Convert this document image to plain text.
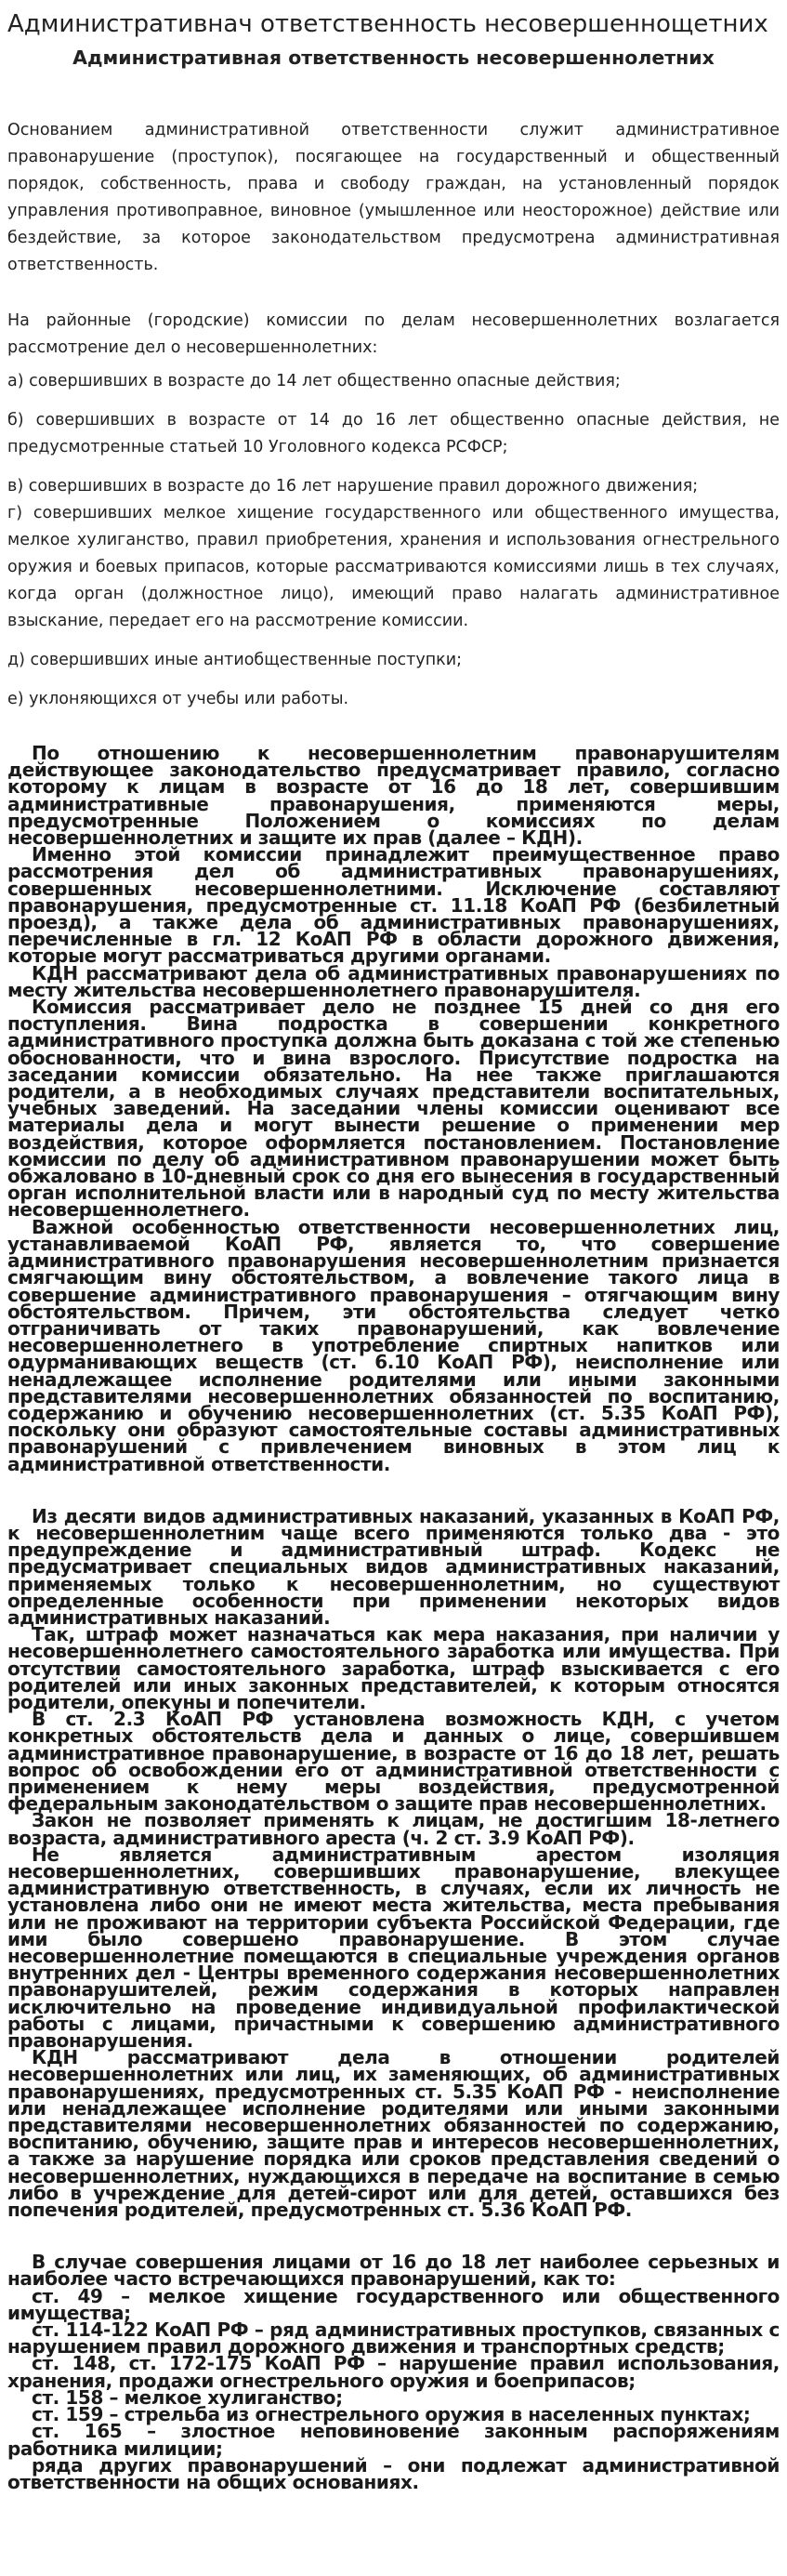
Административнач ответственность несовершеннощетних
Административная ответственность несовершеннолетних

Основанием административной ответственности служит административное правонарушение (проступок), посягающее на государственный и общественный порядок, собственность, права и свободу граждан, на установленный порядок управления противоправное, виновное (умышленное или неосторожное) действие или бездействие, за которое законодательством предусмотрена административная ответственность.

На районные (городские) комиссии по делам несовершеннолетних возлагается рассмотрение дел о несовершеннолетних:

а) совершивших в возрасте до 14 лет общественно опасные действия;

б) совершивших в возрасте от 14 до 16 лет общественно опасные действия, не предусмотренные статьей 10 Уголовного кодекса РСФСР;

в) совершивших в возрасте до 16 лет нарушение правил дорожного движения;

г) совершивших мелкое хищение государственного или общественного имущества, мелкое хулиганство, правил приобретения, хранения и использования огнестрельного оружия и боевых припасов, которые рассматриваются комиссиями лишь в тех случаях, когда орган (должностное лицо), имеющий право налагать административное взыскание, передает его на рассмотрение комиссии.

д) совершивших иные антиобщественные поступки;

е) уклоняющихся от учебы или работы.

По отношению к несовершеннолетним правонарушителям действующее законодательство предусматривает правило, согласно которому к лицам в возрасте от 16 до 18 лет, совершившим административные правонарушения, применяются меры, предусмотренные Положением о комиссиях по делам несовершеннолетних и защите их прав (далее – КДН).

Именно этой комиссии принадлежит преимущественное право рассмотрения дел об административных правонарушениях, совершенных несовершеннолетними. Исключение составляют правонарушения, предусмотренные ст. 11.18 КоАП РФ (безбилетный проезд), а также дела об административных правонарушениях, перечисленные в гл. 12 КоАП РФ в области дорожного движения, которые могут рассматриваться другими органами.

КДН рассматривают дела об административных правонарушениях по месту жительства несовершеннолетнего правонарушителя.

Комиссия рассматривает дело не позднее 15 дней со дня его поступления. Вина подростка в совершении конкретного административного проступка должна быть доказана с той же степенью обоснованности, что и вина взрослого. Присутствие подростка на заседании комиссии обязательно. На нее также приглашаются родители, а в необходимых случаях представители воспитательных, учебных заведений. На заседании члены комиссии оценивают все материалы дела и могут вынести решение о применении мер воздействия, которое оформляется постановлением. Постановление комиссии по делу об административном правонарушении может быть обжаловано в 10-дневный срок со дня его вынесения в государственный орган исполнительной власти или в народный суд по месту жительства несовершеннолетнего.

Важной особенностью ответственности несовершеннолетних лиц, устанавливаемой КоАП РФ, является то, что совершение административного правонарушения несовершеннолетним признается смягчающим вину обстоятельством, а вовлечение такого лица в совершение административного правонарушения – отягчающим вину обстоятельством. Причем, эти обстоятельства следует четко отграничивать от таких правонарушений, как вовлечение несовершеннолетнего в употребление спиртных напитков или одурманивающих веществ (ст. 6.10 КоАП РФ), неисполнение или ненадлежащее исполнение родителями или иными законными представителями несовершеннолетних обязанностей по воспитанию, содержанию и обучению несовершеннолетних (ст. 5.35 КоАП РФ), поскольку они образуют самостоятельные составы административных правонарушений с привлечением виновных в этом лиц к административной ответственности.

Из десяти видов административных наказаний, указанных в КоАП РФ, к несовершеннолетним чаще всего применяются только два - это предупреждение и административный штраф. Кодекс не предусматривает специальных видов административных наказаний, применяемых только к несовершеннолетним, но существуют определенные особенности при применении некоторых видов административных наказаний.

Так, штраф может назначаться как мера наказания, при наличии у несовершеннолетнего самостоятельного заработка или имущества. При отсутствии самостоятельного заработка, штраф взыскивается с его родителей или иных законных представителей, к которым относятся родители, опекуны и попечители.

В ст. 2.3 КоАП РФ установлена возможность КДН, с учетом конкретных обстоятельств дела и данных о лице, совершившем административное правонарушение, в возрасте от 16 до 18 лет, решать вопрос об освобождении его от административной ответственности с применением к нему меры воздействия, предусмотренной федеральным законодательством о защите прав несовершеннолетних.

Закон не позволяет применять к лицам, не достигшим 18-летнего возраста, административного ареста (ч. 2 ст. 3.9 КоАП РФ).

Не является административным арестом изоляция несовершеннолетних, совершивших правонарушение, влекущее административную ответственность, в случаях, если их личность не установлена либо они не имеют места жительства, места пребывания или не проживают на территории субъекта Российской Федерации, где ими было совершено правонарушение. В этом случае несовершеннолетние помещаются в специальные учреждения органов внутренних дел - Центры временного содержания несовершеннолетних правонарушителей, режим содержания в которых направлен исключительно на проведение индивидуальной профилактической работы с лицами, причастными к совершению административного правонарушения.

КДН рассматривают дела в отношении родителей несовершеннолетних или лиц, их заменяющих, об административных правонарушениях, предусмотренных ст. 5.35 КоАП РФ - неисполнение или ненадлежащее исполнение родителями или иными законными представителями несовершеннолетних обязанностей по содержанию, воспитанию, обучению, защите прав и интересов несовершеннолетних, а также за нарушение порядка или сроков представления сведений о несовершеннолетних, нуждающихся в передаче на воспитание в семью либо в учреждение для детей-сирот или для детей, оставшихся без попечения родителей, предусмотренных ст. 5.36 КоАП РФ.

В случае совершения лицами от 16 до 18 лет наиболее серьезных и наиболее часто встречающихся правонарушений, как то:

ст. 49 – мелкое хищение государственного или общественного имущества;

ст. 114-122 КоАП РФ – ряд административных проступков, связанных с нарушением правил дорожного движения и транспортных средств;

ст. 148, ст. 172-175 КоАП РФ – нарушение правил использования, хранения, продажи огнестрельного оружия и боеприпасов;

ст. 158 – мелкое хулиганство;

ст. 159 – стрельба из огнестрельного оружия в населенных пунктах;

ст. 165 – злостное неповиновение законным распоряжениям работника милиции;

ряда других правонарушений – они подлежат административной ответственности на общих основаниях.
